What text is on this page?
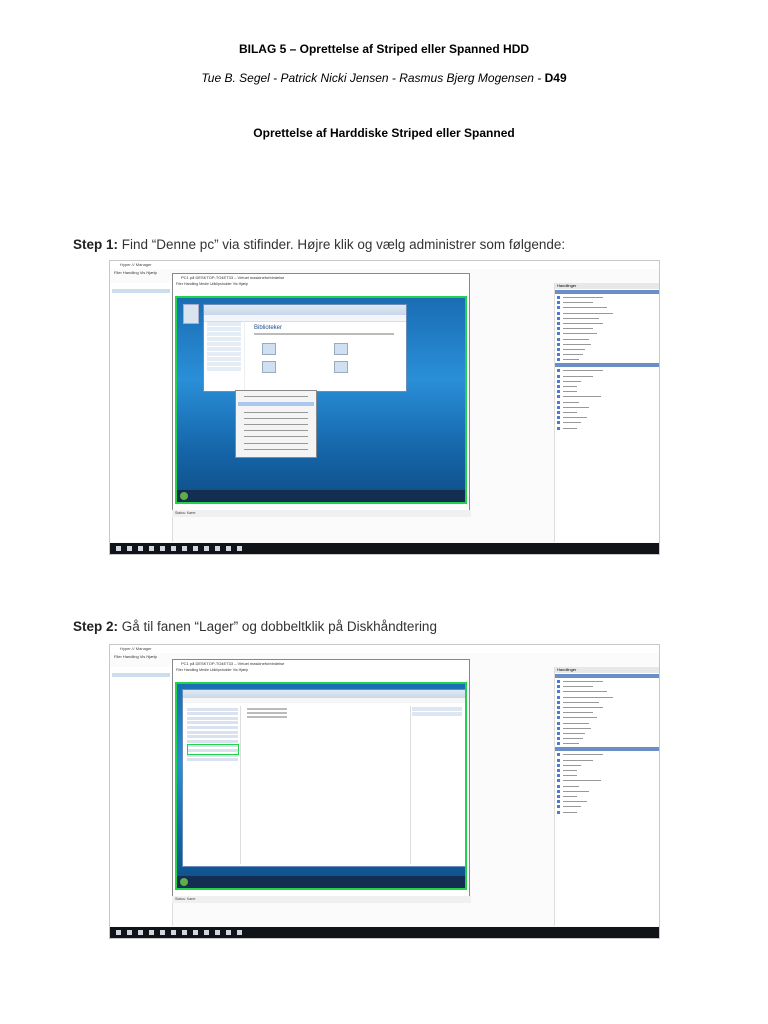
BILAG 5 – Oprettelse af Striped eller Spanned HDD
Tue B. Segel - Patrick Nicki Jensen - Rasmus Bjerg Mogensen - D49
Oprettelse af Harddiske Striped eller Spanned
Step 1: Find “Denne pc” via stifinder. Højre klik og vælg administrer som følgende:
Hyper-V Manager
Filer Handling Vis Hjælp
Handlinger
PC1 på DESKTOP-TO4ET33 – Virtuel maskineforbindelse
Filer Handling Medie Udklipsholder Vis Hjælp
Biblioteker
Status: Kører
Step 2: Gå til fanen “Lager” og dobbeltklik på Diskhåndtering
Hyper-V Manager
Filer Handling Vis Hjælp
Handlinger
PC1 på DESKTOP-TO4ET33 – Virtuel maskineforbindelse
Filer Handling Medie Udklipsholder Vis Hjælp
Status: Kører
